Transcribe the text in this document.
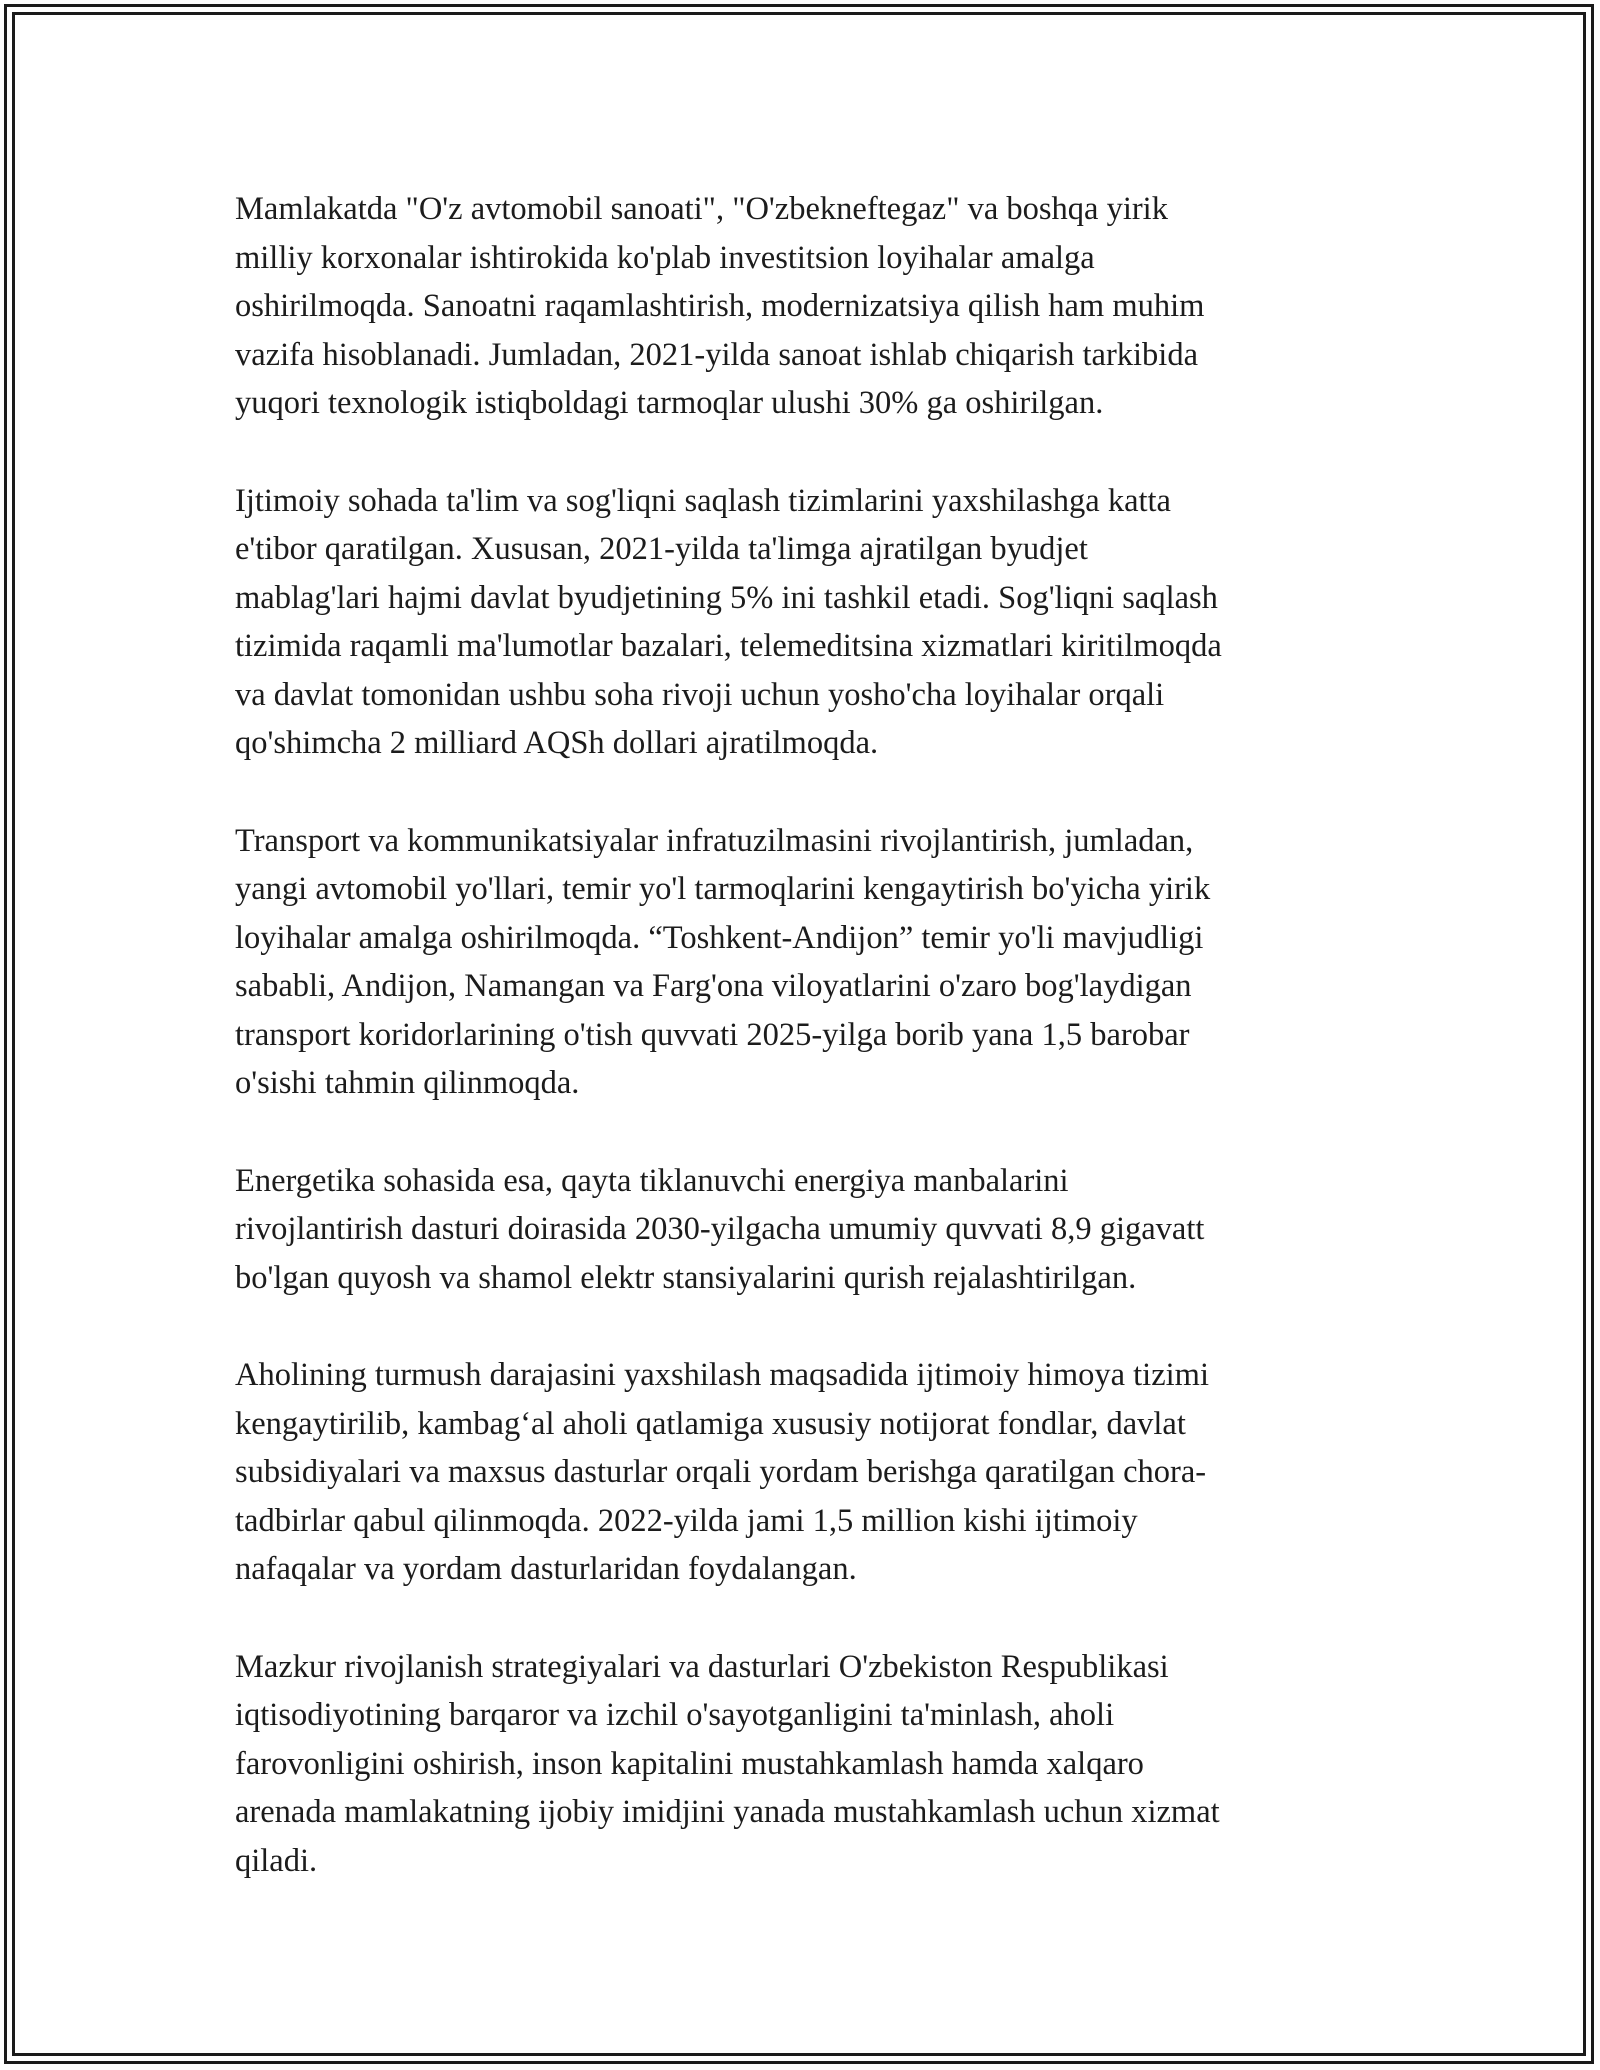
Mamlakatda "O'z avtomobil sanoati", "O'zbekneftegaz" va boshqa yirik
milliy korxonalar ishtirokida ko'plab investitsion loyihalar amalga
oshirilmoqda. Sanoatni raqamlashtirish, modernizatsiya qilish ham muhim
vazifa hisoblanadi. Jumladan, 2021-yilda sanoat ishlab chiqarish tarkibida
yuqori texnologik istiqboldagi tarmoqlar ulushi 30% ga oshirilgan.

Ijtimoiy sohada ta'lim va sog'liqni saqlash tizimlarini yaxshilashga katta
e'tibor qaratilgan. Xususan, 2021-yilda ta'limga ajratilgan byudjet
mablag'lari hajmi davlat byudjetining 5% ini tashkil etadi. Sog'liqni saqlash
tizimida raqamli ma'lumotlar bazalari, telemeditsina xizmatlari kiritilmoqda
va davlat tomonidan ushbu soha rivoji uchun yosho'cha loyihalar orqali
qo'shimcha 2 milliard AQSh dollari ajratilmoqda.

Transport va kommunikatsiyalar infratuzilmasini rivojlantirish, jumladan,
yangi avtomobil yo'llari, temir yo'l tarmoqlarini kengaytirish bo'yicha yirik
loyihalar amalga oshirilmoqda. “Toshkent-Andijon” temir yo'li mavjudligi
sababli, Andijon, Namangan va Farg'ona viloyatlarini o'zaro bog'laydigan
transport koridorlarining o'tish quvvati 2025-yilga borib yana 1,5 barobar
o'sishi tahmin qilinmoqda.

Energetika sohasida esa, qayta tiklanuvchi energiya manbalarini
rivojlantirish dasturi doirasida 2030-yilgacha umumiy quvvati 8,9 gigavatt
bo'lgan quyosh va shamol elektr stansiyalarini qurish rejalashtirilgan.

Aholining turmush darajasini yaxshilash maqsadida ijtimoiy himoya tizimi
kengaytirilib, kambag‘al aholi qatlamiga xususiy notijorat fondlar, davlat
subsidiyalari va maxsus dasturlar orqali yordam berishga qaratilgan chora-
tadbirlar qabul qilinmoqda. 2022-yilda jami 1,5 million kishi ijtimoiy
nafaqalar va yordam dasturlaridan foydalangan.

Mazkur rivojlanish strategiyalari va dasturlari O'zbekiston Respublikasi
iqtisodiyotining barqaror va izchil o'sayotganligini ta'minlash, aholi
farovonligini oshirish, inson kapitalini mustahkamlash hamda xalqaro
arenada mamlakatning ijobiy imidjini yanada mustahkamlash uchun xizmat
qiladi.
